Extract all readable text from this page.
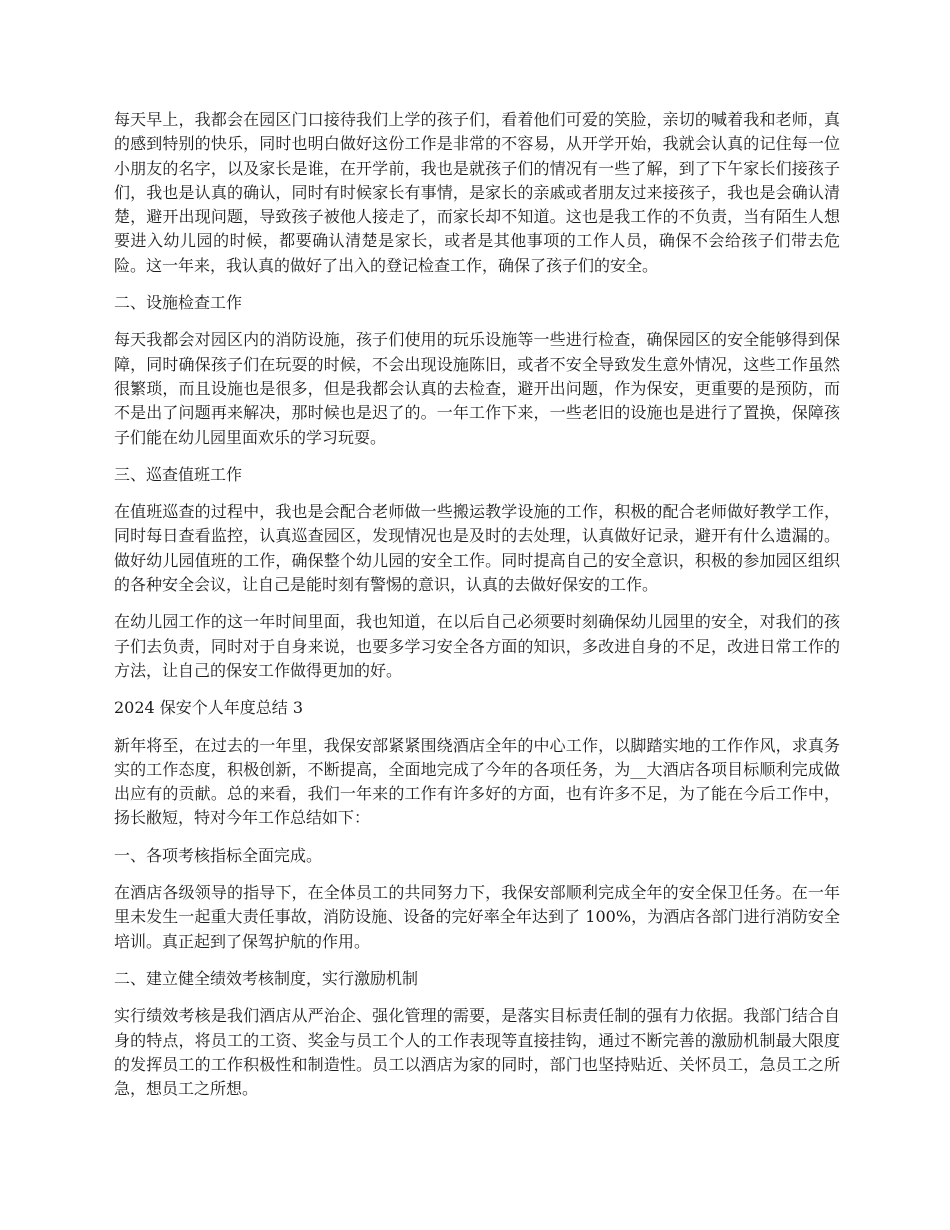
每天早上，我都会在园区门口接待我们上学的孩子们，看着他们可爱的笑脸，亲切的喊着我和老师，真的感到特别的快乐，同时也明白做好这份工作是非常的不容易，从开学开始，我就会认真的记住每一位小朋友的名字，以及家长是谁，在开学前，我也是就孩子们的情况有一些了解，到了下午家长们接孩子们，我也是认真的确认，同时有时候家长有事情，是家长的亲戚或者朋友过来接孩子，我也是会确认清楚，避开出现问题，导致孩子被他人接走了，而家长却不知道。这也是我工作的不负责，当有陌生人想要进入幼儿园的时候，都要确认清楚是家长，或者是其他事项的工作人员，确保不会给孩子们带去危险。这一年来，我认真的做好了出入的登记检查工作，确保了孩子们的安全。

二、设施检查工作

每天我都会对园区内的消防设施，孩子们使用的玩乐设施等一些进行检查，确保园区的安全能够得到保障，同时确保孩子们在玩耍的时候，不会出现设施陈旧，或者不安全导致发生意外情况，这些工作虽然很繁琐，而且设施也是很多，但是我都会认真的去检查，避开出问题，作为保安，更重要的是预防，而不是出了问题再来解决，那时候也是迟了的。一年工作下来，一些老旧的设施也是进行了置换，保障孩子们能在幼儿园里面欢乐的学习玩耍。

三、巡查值班工作

在值班巡查的过程中，我也是会配合老师做一些搬运教学设施的工作，积极的配合老师做好教学工作，同时每日查看监控，认真巡查园区，发现情况也是及时的去处理，认真做好记录，避开有什么遗漏的。做好幼儿园值班的工作，确保整个幼儿园的安全工作。同时提高自己的安全意识，积极的参加园区组织的各种安全会议，让自己是能时刻有警惕的意识，认真的去做好保安的工作。

在幼儿园工作的这一年时间里面，我也知道，在以后自己必须要时刻确保幼儿园里的安全，对我们的孩子们去负责，同时对于自身来说，也要多学习安全各方面的知识，多改进自身的不足，改进日常工作的方法，让自己的保安工作做得更加的好。

2024 保安个人年度总结 3

新年将至，在过去的一年里，我保安部紧紧围绕酒店全年的中心工作，以脚踏实地的工作作风，求真务实的工作态度，积极创新，不断提高，全面地完成了今年的各项任务，为__大酒店各项目标顺利完成做出应有的贡献。总的来看，我们一年来的工作有许多好的方面，也有许多不足，为了能在今后工作中，扬长敝短，特对今年工作总结如下：

一、各项考核指标全面完成。

在酒店各级领导的指导下，在全体员工的共同努力下，我保安部顺利完成全年的安全保卫任务。在一年里未发生一起重大责任事故，消防设施、设备的完好率全年达到了 100%，为酒店各部门进行消防安全培训。真正起到了保驾护航的作用。

二、建立健全绩效考核制度，实行激励机制

实行绩效考核是我们酒店从严治企、强化管理的需要，是落实目标责任制的强有力依据。我部门结合自身的特点，将员工的工资、奖金与员工个人的工作表现等直接挂钩，通过不断完善的激励机制最大限度的发挥员工的工作积极性和制造性。员工以酒店为家的同时，部门也坚持贴近、关怀员工，急员工之所急，想员工之所想。
